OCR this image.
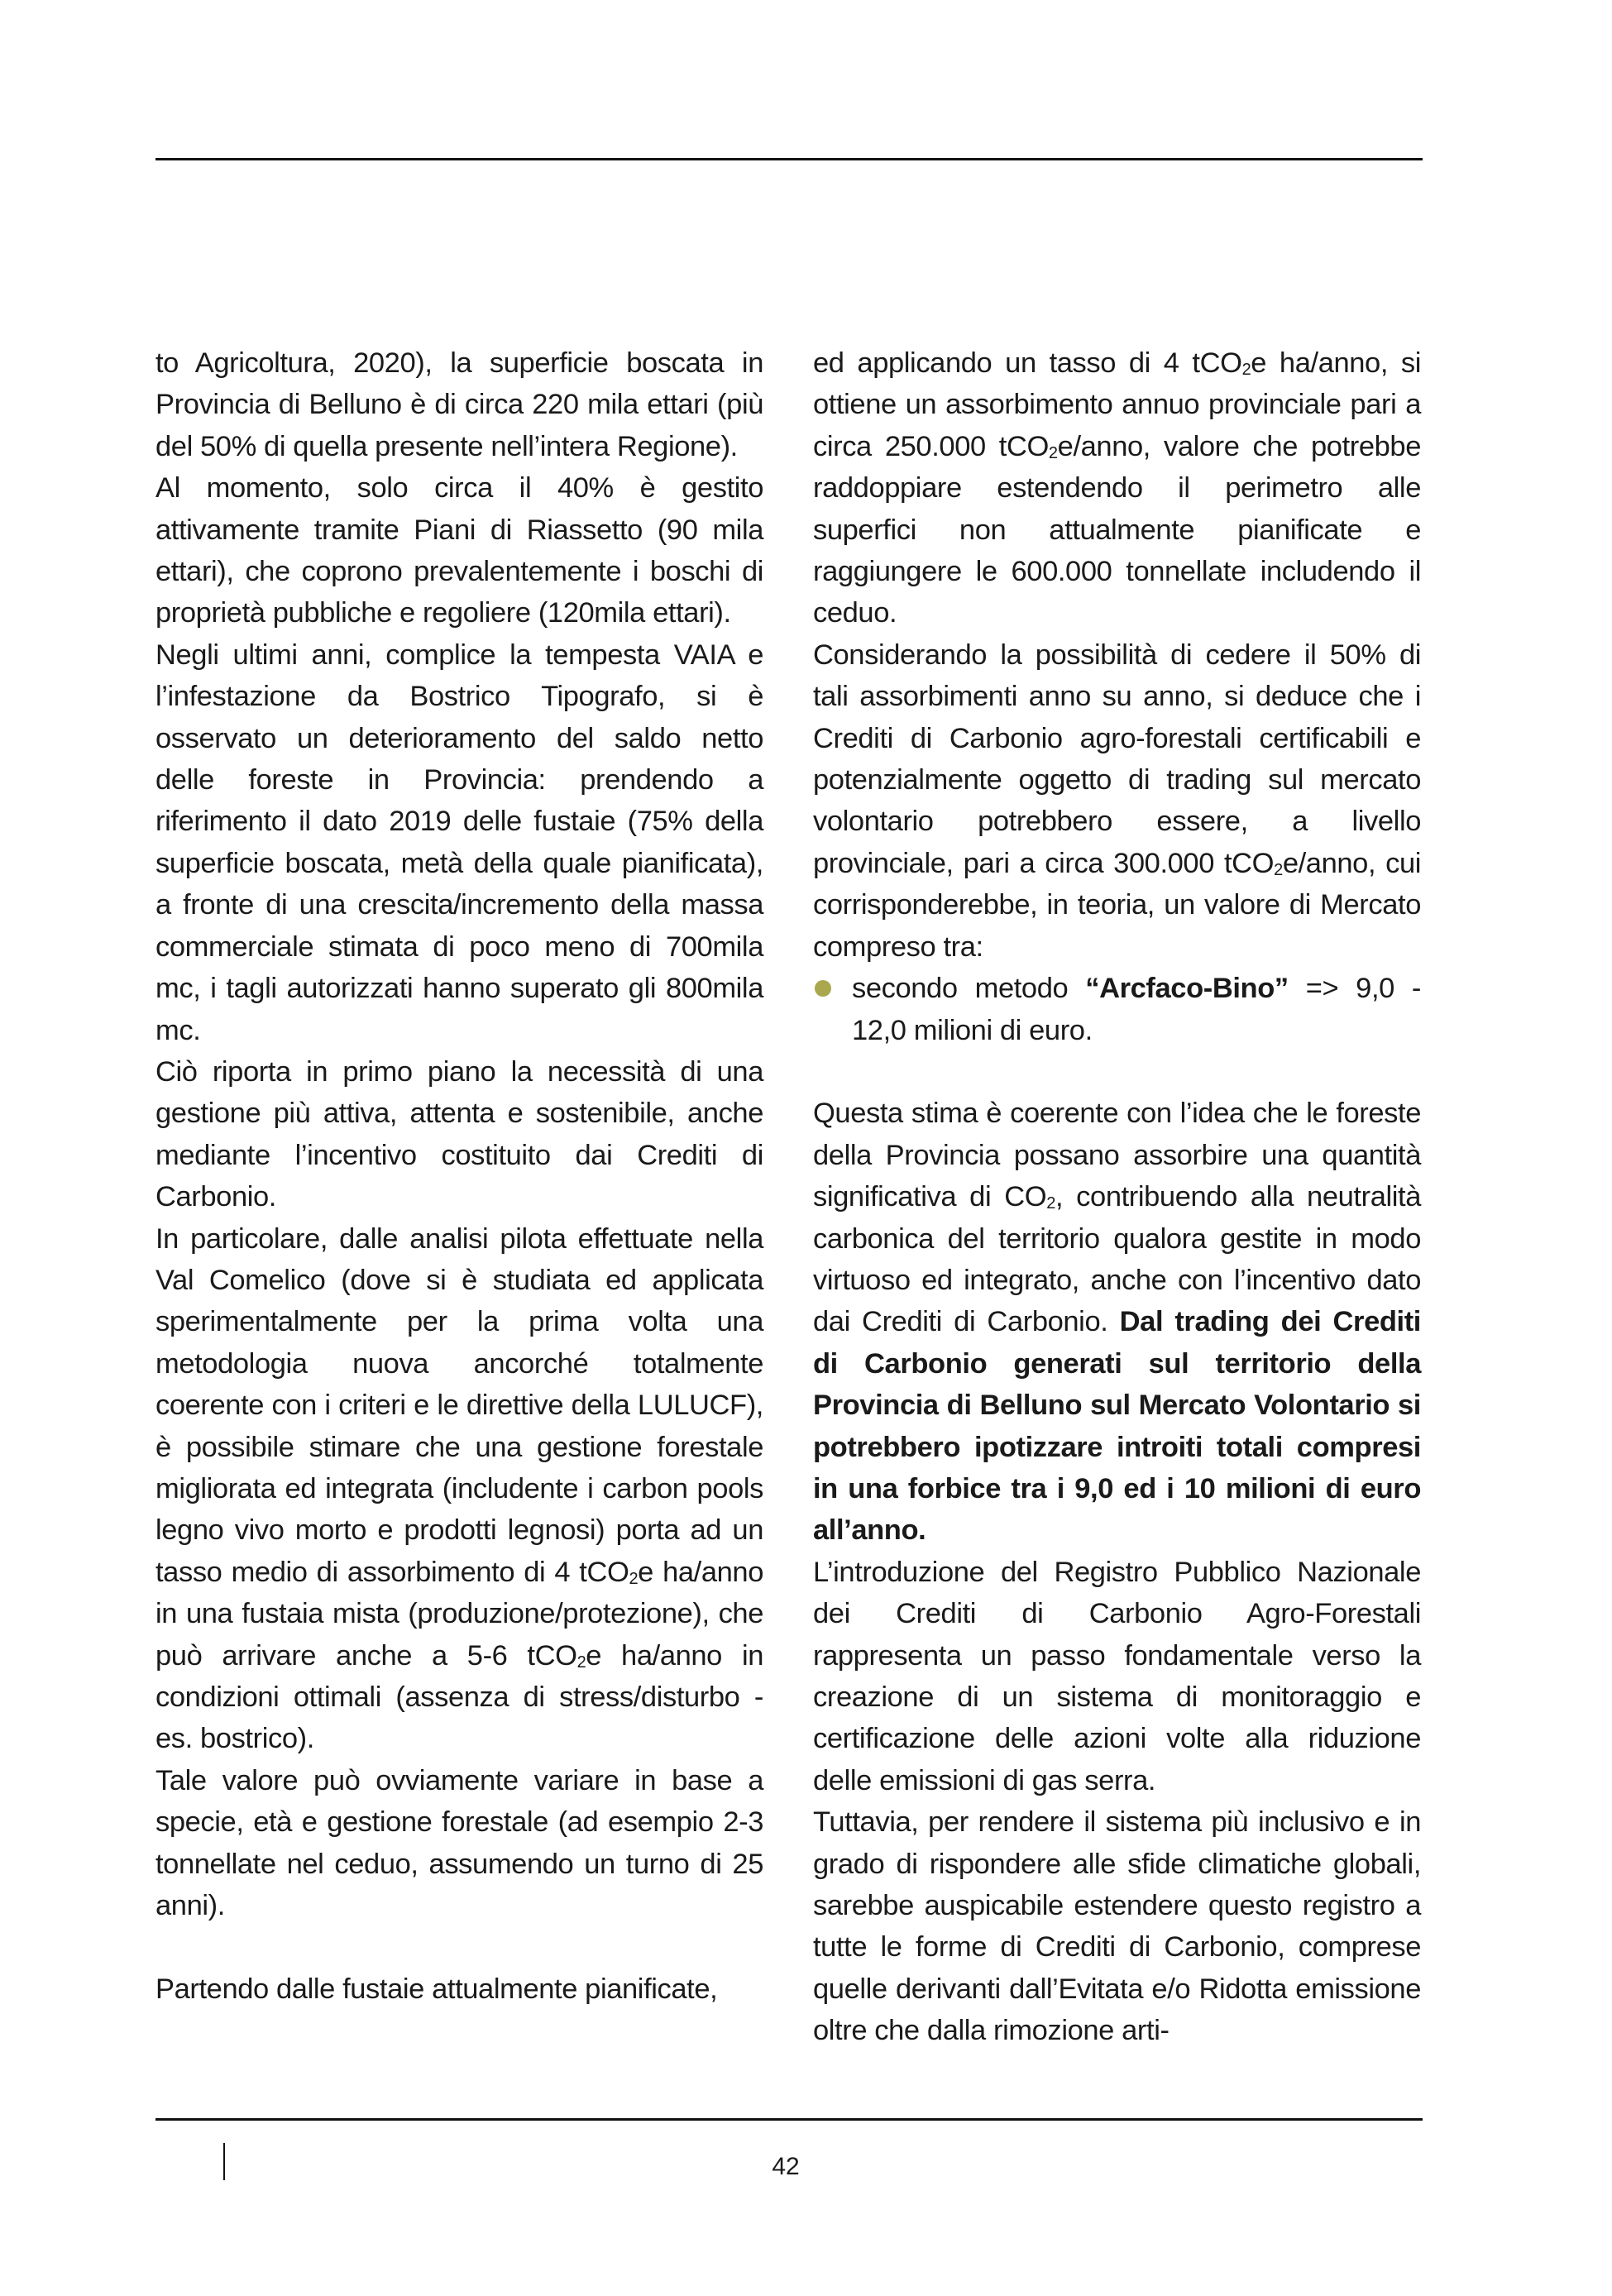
to Agricoltura, 2020), la superficie boscata in Provincia di Belluno è di circa 220 mila ettari (più del 50% di quella presente nell’intera Regione).

Al momento, solo circa il 40% è gestito attivamente tramite Piani di Riassetto (90 mila ettari), che coprono prevalentemente i boschi di proprietà pubbliche e regoliere (120mila ettari).

Negli ultimi anni, complice la tempesta VAIA e l’infestazione da Bostrico Tipografo, si è osservato un deterioramento del saldo netto delle foreste in Provincia: prendendo a riferimento il dato 2019 delle fustaie (75% della superficie boscata, metà della quale pianificata), a fronte di una crescita/incremento della massa commerciale stimata di poco meno di 700mila mc, i tagli autorizzati hanno superato gli 800mila mc.

Ciò riporta in primo piano la necessità di una gestione più attiva, attenta e sostenibile, anche mediante l’incentivo costituito dai Crediti di Carbonio.

In particolare, dalle analisi pilota effettuate nella Val Comelico (dove si è studiata ed applicata sperimentalmente per la prima volta una metodologia nuova ancorché totalmente coerente con i criteri e le direttive della LULUCF), è possibile stimare che una gestione forestale migliorata ed integrata (includente i carbon pools legno vivo morto e prodotti legnosi) porta ad un tasso medio di assorbimento di 4 tCO$_2$e ha/anno in una fustaia mista (produzione/protezione), che può arrivare anche a 5-6 tCO$_2$e ha/anno in condizioni ottimali (assenza di stress/disturbo - es. bostrico).

Tale valore può ovviamente variare in base a specie, età e gestione forestale (ad esempio 2-3 tonnellate nel ceduo, assumendo un turno di 25 anni).

Partendo dalle fustaie attualmente pianificate,

ed applicando un tasso di 4 tCO$_2$e ha/anno, si ottiene un assorbimento annuo provinciale pari a circa 250.000 tCO$_2$e/anno, valore che potrebbe raddoppiare estendendo il perimetro alle superfici non attualmente pianificate e raggiungere le 600.000 tonnellate includendo il ceduo.

Considerando la possibilità di cedere il 50% di tali assorbimenti anno su anno, si deduce che i Crediti di Carbonio agro-forestali certificabili e potenzialmente oggetto di trading sul mercato volontario potrebbero essere, a livello provinciale, pari a circa 300.000 tCO$_2$e/anno, cui corrisponderebbe, in teoria, un valore di Mercato compreso tra:

secondo metodo “Arcfaco-Bino” => 9,0 - 12,0 milioni di euro.

Questa stima è coerente con l’idea che le foreste della Provincia possano assorbire una quantità significativa di $CO_2$, contribuendo alla neutralità carbonica del territorio qualora gestite in modo virtuoso ed integrato, anche con l’incentivo dato dai Crediti di Carbonio. Dal trading dei Crediti di Carbonio generati sul territorio della Provincia di Belluno sul Mercato Volontario si potrebbero ipotizzare introiti totali compresi in una forbice tra i 9,0 ed i 10 milioni di euro all’anno.

L’introduzione del Registro Pubblico Nazionale dei Crediti di Carbonio Agro-Forestali rappresenta un passo fondamentale verso la creazione di un sistema di monitoraggio e certificazione delle azioni volte alla riduzione delle emissioni di gas serra.

Tuttavia, per rendere il sistema più inclusivo e in grado di rispondere alle sfide climatiche globali, sarebbe auspicabile estendere questo registro a tutte le forme di Crediti di Carbonio, comprese quelle derivanti dall’Evitata e/o Ridotta emissione oltre che dalla rimozione arti-

42
